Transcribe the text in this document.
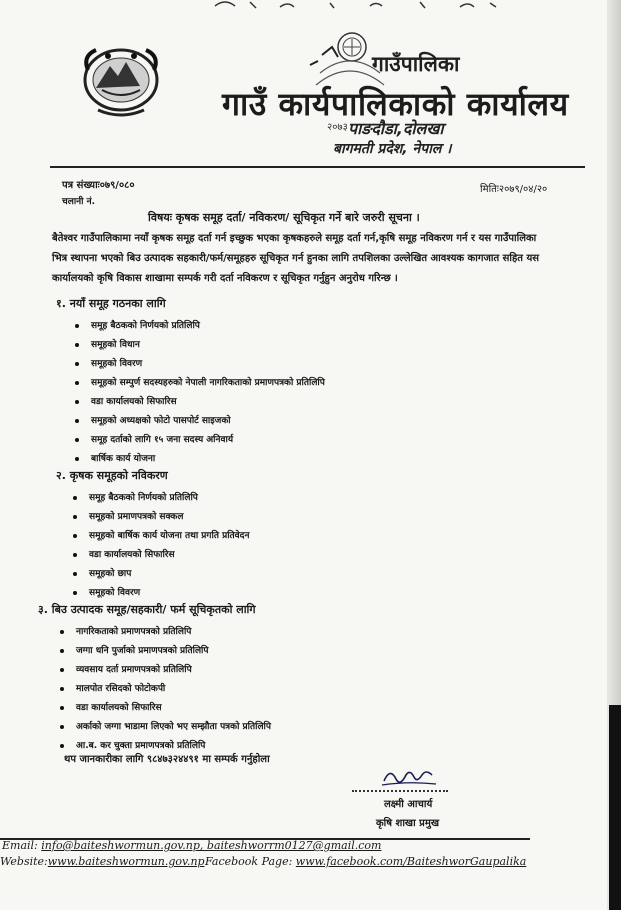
गाउँपालिका
गाउँ कार्यपालिकाको कार्यालय
२०७३ पाङदौडा,दोलखा
बागमती प्रदेश, नेपाल ।
पत्र संख्याः०७९/०८०
चलानी नं.
मितिः२०७९/०४/२०
विषयः कृषक समूह दर्ता/ नविकरण/ सूचिकृत गर्ने बारे जरुरी सूचना ।
बैतेश्वर गाउँपालिकामा नयाँ कृषक समूह दर्ता गर्न इच्छुक भएका कृषकहरुले समूह दर्ता गर्न,कृषि समूह नविकरण गर्न र यस गाउँपालिका
भित्र स्थापना भएको बिउ उत्पादक सहकारी/फर्म/समूहहरु सूचिकृत गर्न हुनका लागि तपशिलका उल्लेखित आवश्यक कागजात सहित यस
कार्यालयको कृषि विकास शाखामा सम्पर्क गरी दर्ता नविकरण र सूचिकृत गर्नुहुन अनुरोध गरिन्छ ।
१. नयाँ समूह गठनका लागि
समूह बैठकको निर्णयको प्रतिलिपि
समूहको विधान
समूहको विवरण
समूहको सम्पुर्ण सदस्यहरुको नेपाली नागरिकताको प्रमाणपत्रको प्रतिलिपि
वडा कार्यालयको सिफारिस
समूहको अध्यक्षको फोटो पासपोर्ट साइजको
समूह दर्ताको लागि १५ जना सदस्य अनिवार्य
बार्षिक कार्य योजना
२. कृषक समूहको नविकरण
समूह बैठकको निर्णयको प्रतिलिपि
समूहको प्रमाणपत्रको सक्कल
समूहको बार्षिक कार्य योजना तथा प्रगति प्रतिवेदन
वडा कार्यालयको सिफारिस
समूहको छाप
समूहको विवरण
३. बिउ उत्पादक समूह/सहकारी/ फर्म सूचिकृतको लागि
नागरिकताको प्रमाणपत्रको प्रतिलिपि
जग्गा धनि पुर्जाको प्रमाणपत्रको प्रतिलिपि
व्यवसाय दर्ता प्रमाणपत्रको प्रतिलिपि
मालपोत रसिदको फोटोकपी
वडा कार्यालयको सिफारिस
अर्काको जग्गा भाडामा लिएको भए सम्झौता पत्रको प्रतिलिपि
आ.ब. कर चुक्ता प्रमाणपत्रको प्रतिलिपि
थप जानकारीका लागि ९८४७३२४४९१ मा सम्पर्क गर्नुहोला
लक्ष्मी आचार्य
कृषि शाखा प्रमुख
Email: info@baiteshwormun.gov.np, baiteshworrm0127@gmail.com
Website:www.baiteshwormun.gov.np Facebook Page: www.facebook.com/BaiteshworGaupalika
